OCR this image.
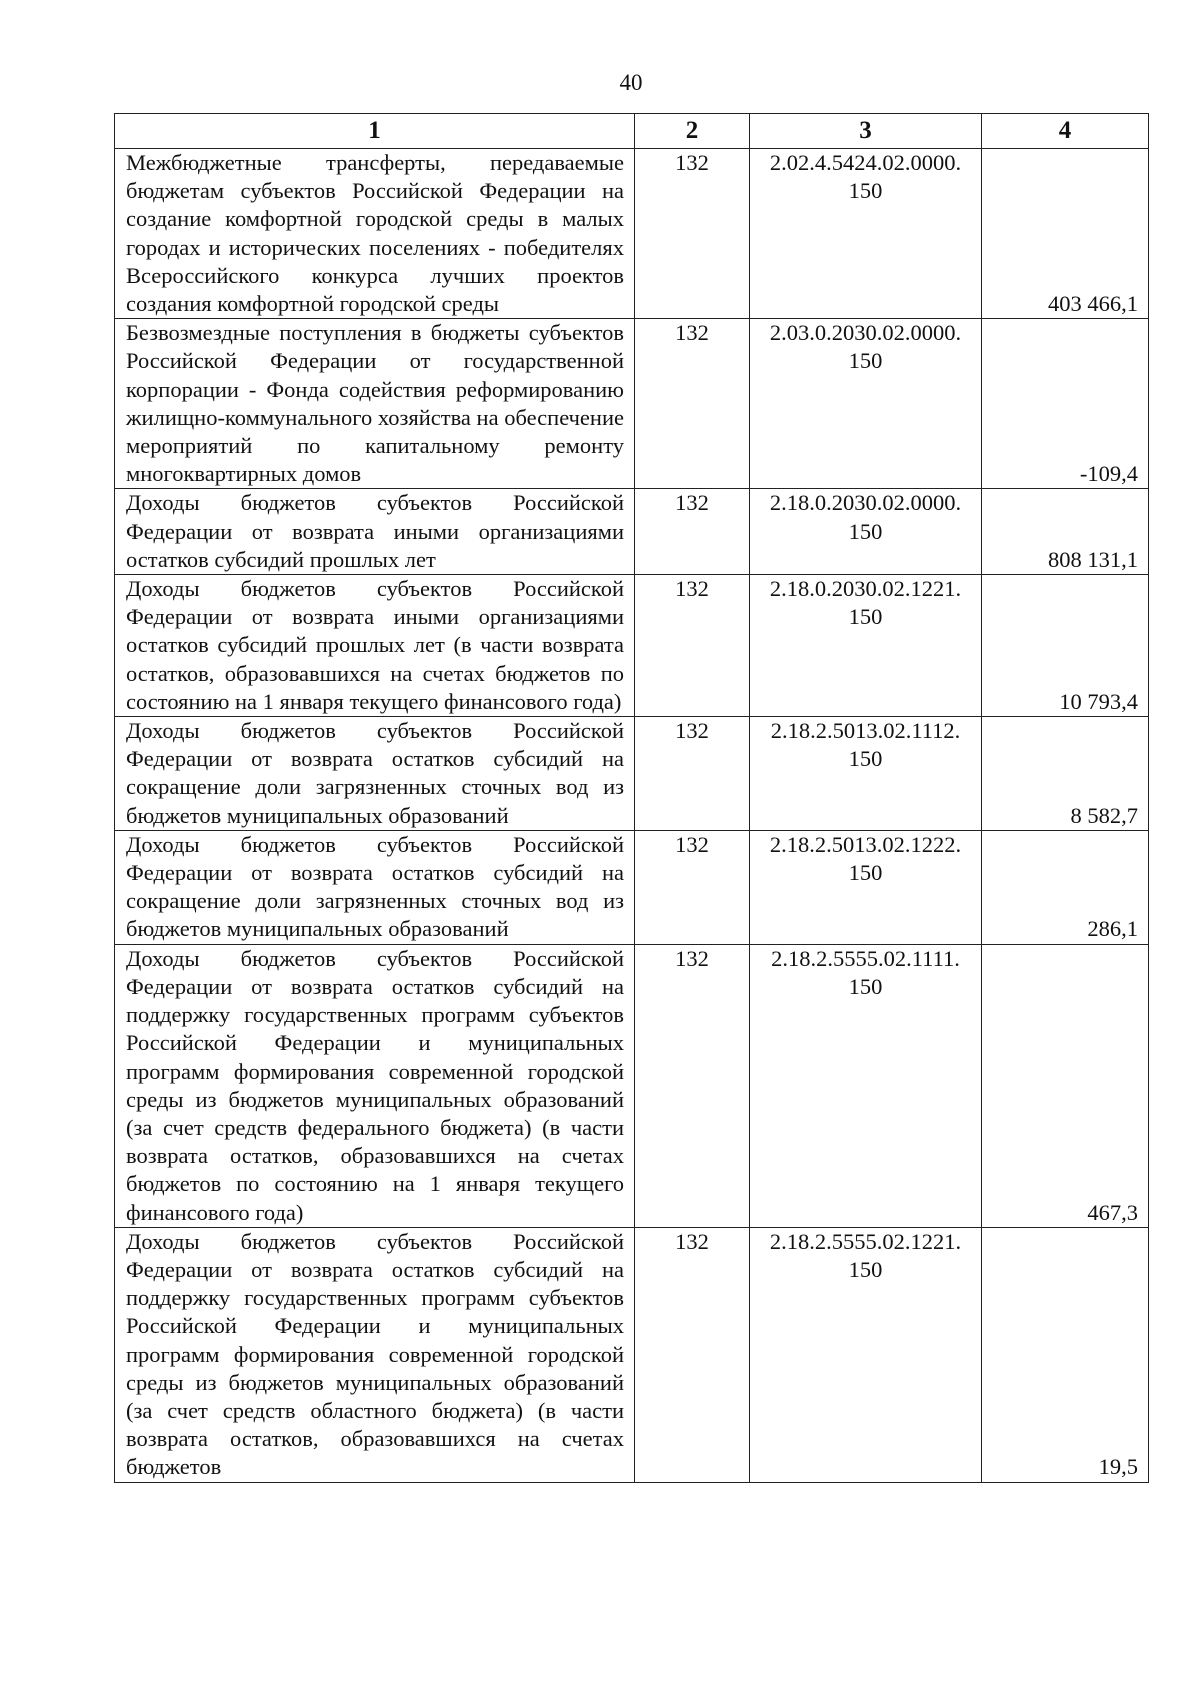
40
1	2	3	4
Межбюджетные трансферты, передаваемые бюджетам субъектов Российской Федерации на создание комфортной городской среды в малых городах и исторических поселениях - победителях Всероссийского конкурса лучших проектов создания комфортной городской среды	132	2.02.4.5424.02.0000. 150	403 466,1
Безвозмездные поступления в бюджеты субъектов Российской Федерации от государственной корпорации - Фонда содействия реформированию жилищно-коммунального хозяйства на обеспечение мероприятий по капитальному ремонту многоквартирных домов	132	2.03.0.2030.02.0000. 150	-109,4
Доходы бюджетов субъектов Российской Федерации от возврата иными организациями остатков субсидий прошлых лет	132	2.18.0.2030.02.0000. 150	808 131,1
Доходы бюджетов субъектов Российской Федерации от возврата иными организациями остатков субсидий прошлых лет (в части возврата остатков, образовавшихся на счетах бюджетов по состоянию на 1 января текущего финансового года)	132	2.18.0.2030.02.1221. 150	10 793,4
Доходы бюджетов субъектов Российской Федерации от возврата остатков субсидий на сокращение доли загрязненных сточных вод из бюджетов муниципальных образований	132	2.18.2.5013.02.1112. 150	8 582,7
Доходы бюджетов субъектов Российской Федерации от возврата остатков субсидий на сокращение доли загрязненных сточных вод из бюджетов муниципальных образований	132	2.18.2.5013.02.1222. 150	286,1
Доходы бюджетов субъектов Российской Федерации от возврата остатков субсидий на поддержку государственных программ субъектов Российской Федерации и муниципальных программ формирования современной городской среды из бюджетов муниципальных образований (за счет средств федерального бюджета) (в части возврата остатков, образовавшихся на счетах бюджетов по состоянию на 1 января текущего финансового года)	132	2.18.2.5555.02.1111. 150	467,3
Доходы бюджетов субъектов Российской Федерации от возврата остатков субсидий на поддержку государственных программ субъектов Российской Федерации и муниципальных программ формирования современной городской среды из бюджетов муниципальных образований (за счет средств областного бюджета) (в части возврата остатков, образовавшихся на счетах бюджетов	132	2.18.2.5555.02.1221. 150	19,5
